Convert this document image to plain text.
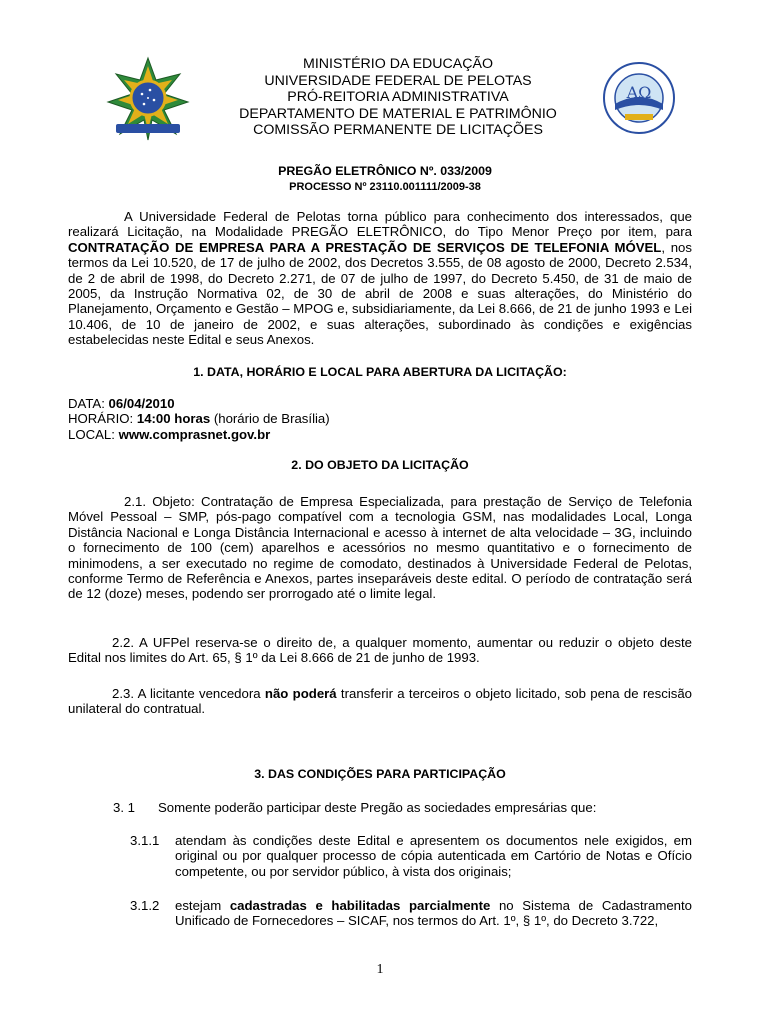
AΩ
MINISTÉRIO DA EDUCAÇÃO
UNIVERSIDADE FEDERAL DE PELOTAS
PRÓ-REITORIA ADMINISTRATIVA
DEPARTAMENTO DE MATERIAL E PATRIMÔNIO
COMISSÃO PERMANENTE DE LICITAÇÕES
PREGÃO ELETRÔNICO Nº. 033/2009
PROCESSO Nº 23110.001111/2009-38
A Universidade Federal de Pelotas torna público para conhecimento dos interessados, que realizará Licitação, na Modalidade PREGÃO ELETRÔNICO, do Tipo Menor Preço por item, para CONTRATAÇÃO DE EMPRESA PARA A PRESTAÇÃO DE SERVIÇOS DE TELEFONIA MÓVEL, nos termos da Lei 10.520, de 17 de julho de 2002, dos Decretos 3.555, de 08 agosto de 2000, Decreto 2.534, de 2 de abril de 1998, do Decreto 2.271, de 07 de julho de 1997, do Decreto 5.450, de 31 de maio de 2005, da Instrução Normativa 02, de 30 de abril de 2008 e suas alterações, do Ministério do Planejamento, Orçamento e Gestão – MPOG e, subsidiariamente, da Lei 8.666, de 21 de junho 1993 e Lei 10.406, de 10 de janeiro de 2002, e suas alterações, subordinado às condições e exigências estabelecidas neste Edital e seus Anexos.
1. DATA, HORÁRIO E LOCAL PARA ABERTURA DA LICITAÇÃO:
DATA: 06/04/2010
HORÁRIO: 14:00 horas (horário de Brasília)
LOCAL: www.comprasnet.gov.br
2. DO OBJETO DA LICITAÇÃO
2.1. Objeto: Contratação de Empresa Especializada, para prestação de Serviço de Telefonia Móvel Pessoal – SMP, pós-pago compatível com a tecnologia GSM, nas modalidades Local, Longa Distância Nacional e Longa Distância Internacional e acesso à internet de alta velocidade – 3G, incluindo o fornecimento de 100 (cem) aparelhos e acessórios no mesmo quantitativo e o fornecimento de minimodens, a ser executado no regime de comodato, destinados à Universidade Federal de Pelotas, conforme Termo de Referência e Anexos, partes inseparáveis deste edital. O período de contratação será de 12 (doze) meses, podendo ser prorrogado até o limite legal.
2.2. A UFPel reserva-se o direito de, a qualquer momento, aumentar ou reduzir o objeto deste Edital nos limites do Art. 65, § 1º da Lei 8.666 de 21 de junho de 1993.
2.3. A licitante vencedora não poderá transferir a terceiros o objeto licitado, sob pena de rescisão unilateral do contratual.
3. DAS CONDIÇÕES PARA PARTICIPAÇÃO
3. 1 Somente poderão participar deste Pregão as sociedades empresárias que:
3.1.1 atendam às condições deste Edital e apresentem os documentos nele exigidos, em original ou por qualquer processo de cópia autenticada em Cartório de Notas e Ofício competente, ou por servidor público, à vista dos originais;
3.1.2 estejam cadastradas e habilitadas parcialmente no Sistema de Cadastramento Unificado de Fornecedores – SICAF, nos termos do Art. 1º, § 1º, do Decreto 3.722,
1
